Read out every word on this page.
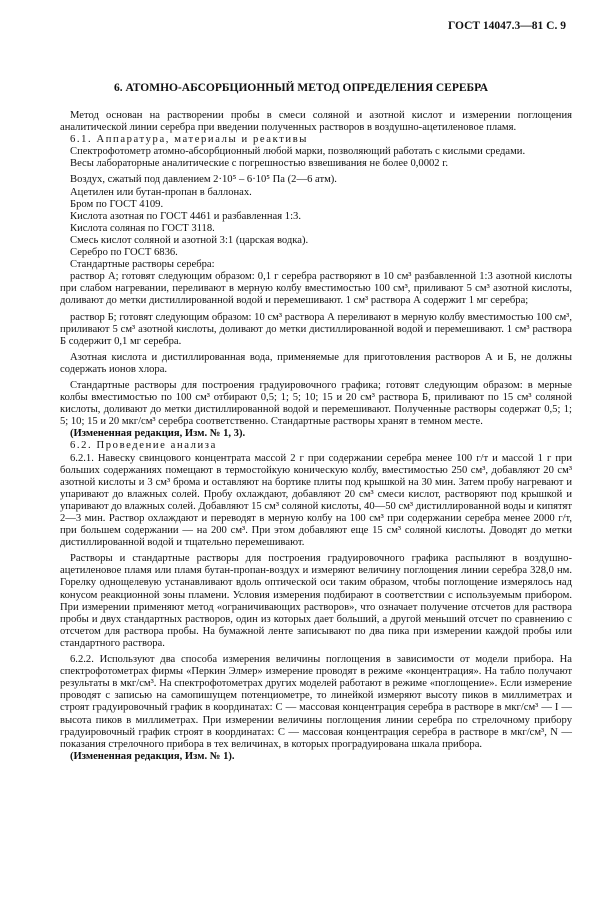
ГОСТ 14047.3—81 С. 9
6. АТОМНО-АБСОРБЦИОННЫЙ МЕТОД ОПРЕДЕЛЕНИЯ СЕРЕБРА

Метод основан на растворении пробы в смеси соляной и азотной кислот и измерении поглощения аналитической линии серебра при введении полученных растворов в воздушно-ацетиленовое пламя.

6.1. Аппаратура, материалы и реактивы

Спектрофотометр атомно-абсорбционный любой марки, позволяющий работать с кислыми средами.

Весы лабораторные аналитические с погрешностью взвешивания не более 0,0002 г.

Воздух, сжатый под давлением 2·10⁵ – 6·10⁵ Па (2—6 атм).

Ацетилен или бутан-пропан в баллонах.

Бром по ГОСТ 4109.

Кислота азотная по ГОСТ 4461 и разбавленная 1:3.

Кислота соляная по ГОСТ 3118.

Смесь кислот соляной и азотной 3:1 (царская водка).

Серебро по ГОСТ 6836.

Стандартные растворы серебра:

раствор А; готовят следующим образом: 0,1 г серебра растворяют в 10 см³ разбавленной 1:3 азотной кислоты при слабом нагревании, переливают в мерную колбу вместимостью 100 см³, приливают 5 см³ азотной кислоты, доливают до метки дистиллированной водой и перемешивают. 1 см³ раствора А содержит 1 мг серебра;

раствор Б; готовят следующим образом: 10 см³ раствора А переливают в мерную колбу вместимостью 100 см³, приливают 5 см³ азотной кислоты, доливают до метки дистиллированной водой и перемешивают. 1 см³ раствора Б содержит 0,1 мг серебра.

Азотная кислота и дистиллированная вода, применяемые для приготовления растворов А и Б, не должны содержать ионов хлора.

Стандартные растворы для построения градуировочного графика; готовят следующим образом: в мерные колбы вместимостью по 100 см³ отбирают 0,5; 1; 5; 10; 15 и 20 см³ раствора Б, приливают по 15 см³ соляной кислоты, доливают до метки дистиллированной водой и перемешивают. Полученные растворы содержат 0,5; 1; 5; 10; 15 и 20 мкг/см³ серебра соответственно. Стандартные растворы хранят в темном месте.

(Измененная редакция, Изм. № 1, 3).

6.2. Проведение анализа

6.2.1. Навеску свинцового концентрата массой 2 г при содержании серебра менее 100 г/т и массой 1 г при больших содержаниях помещают в термостойкую коническую колбу, вместимостью 250 см³, добавляют 20 см³ азотной кислоты и 3 см³ брома и оставляют на бортике плиты под крышкой на 30 мин. Затем пробу нагревают и упаривают до влажных солей. Пробу охлаждают, добавляют 20 см³ смеси кислот, растворяют под крышкой и упаривают до влажных солей. Добавляют 15 см³ соляной кислоты, 40—50 см³ дистиллированной воды и кипятят 2—3 мин. Раствор охлаждают и переводят в мерную колбу на 100 см³ при содержании серебра менее 2000 г/т, при большем содержании — на 200 см³. При этом добавляют еще 15 см³ соляной кислоты. Доводят до метки дистиллированной водой и тщательно перемешивают.

Растворы и стандартные растворы для построения градуировочного графика распыляют в воздушно-ацетиленовое пламя или пламя бутан-пропан-воздух и измеряют величину поглощения линии серебра 328,0 нм. Горелку однощелевую устанавливают вдоль оптической оси таким образом, чтобы поглощение измерялось над конусом реакционной зоны пламени. Условия измерения подбирают в соответствии с используемым прибором. При измерении применяют метод «ограничивающих растворов», что означает получение отсчетов для раствора пробы и двух стандартных растворов, один из которых дает больший, а другой меньший отсчет по сравнению с отсчетом для раствора пробы. На бумажной ленте записывают по два пика при измерении каждой пробы или стандартного раствора.

6.2.2. Используют два способа измерения величины поглощения в зависимости от модели прибора. На спектрофотометрах фирмы «Перкин Элмер» измерение проводят в режиме «концентрация». На табло получают результаты в мкг/см³. На спектрофотометрах других моделей работают в режиме «поглощение». Если измерение проводят с записью на самопишущем потенциометре, то линейкой измеряют высоту пиков в миллиметрах и строят градуировочный график в координатах: С — массовая концентрация серебра в растворе в мкг/см³ — I — высота пиков в миллиметрах. При измерении величины поглощения линии серебра по стрелочному прибору градуировочный график строят в координатах: С — массовая концентрация серебра в растворе в мкг/см³, N — показания стрелочного прибора в тех величинах, в которых проградуирована шкала прибора.

(Измененная редакция, Изм. № 1).
